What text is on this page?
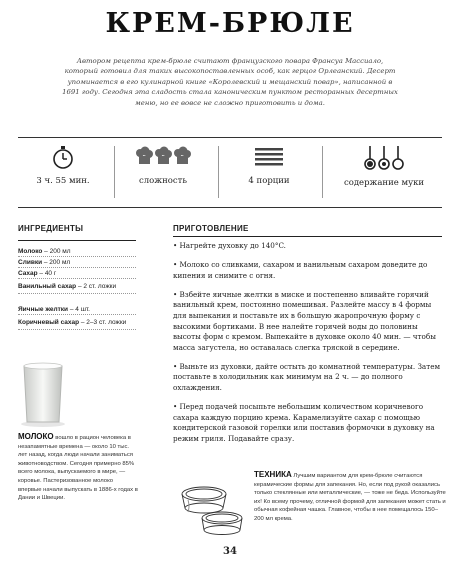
КРЕМ-БРЮЛЕ
Автором рецепта крем-брюле считают французского повара Франсуа Массиало, который готовил для таких высокопоставленных особ, как герцог Орлеанский. Десерт упоминается в его кулинарной книге «Королевский и мещанский повар», написанной в 1691 году. Сегодня эта сладость стала каноническим пунктом ресторанных десертных меню, но ее вовсе не сложно приготовить и дома.
3 ч. 55 мин.	сложность	4 порции	содержание муки
ИНГРЕДИЕНТЫ
Молоко – 200 мл
Сливки – 200 мл
Сахар – 40 г
Ванильный сахар – 2 ст. ложки
Яичные желтки – 4 шт.
Коричневый сахар – 2–3 ст. ложки
МОЛОКО вошло в рацион человека в незапамятные времена — около 10 тыс. лет назад, когда люди начали заниматься животноводством. Сегодня примерно 85% всего молока, выпускаемого в мире, — коровье. Пастеризованное молоко впервые начали выпускать в 1886-х годах в Дании и Швеции.
ПРИГОТОВЛЕНИЕ

• Нагрейте духовку до 140°C.

• Молоко со сливками, сахаром и ванильным сахаром доведите до кипения и снимите с огня.

• Взбейте яичные желтки в миске и постепенно вливайте горячий ванильный крем, постоянно помешивая. Разлейте массу в 4 формы для выпекания и поставьте их в большую жаропрочную форму с высокими бортиками. В нее налейте горячей воды до половины высоты форм с кремом. Выпекайте в духовке около 40 мин. — чтобы масса загустела, но оставалась слегка тряской в середине.

• Выньте из духовки, дайте остыть до комнатной температуры. Затем поставьте в холодильник как минимум на 2 ч. — до полного охлаждения.

• Перед подачей посыпьте небольшим количеством коричневого сахара каждую порцию крема. Карамелизуйте сахар с помощью кондитерской газовой горелки или поставив формочки в духовку на режим гриля. Подавайте сразу.

ТЕХНИКА Лучшим вариантом для крем-брюле считаются керамические формы для запекания. Но, если под рукой оказались только стеклянные или металлические, — тоже не беда. Используйте их! Ко всему прочему, отличной формой для запекания может стать и обычная кофейная чашка. Главное, чтобы в нее помещалось 150–200 мл крема.
34
